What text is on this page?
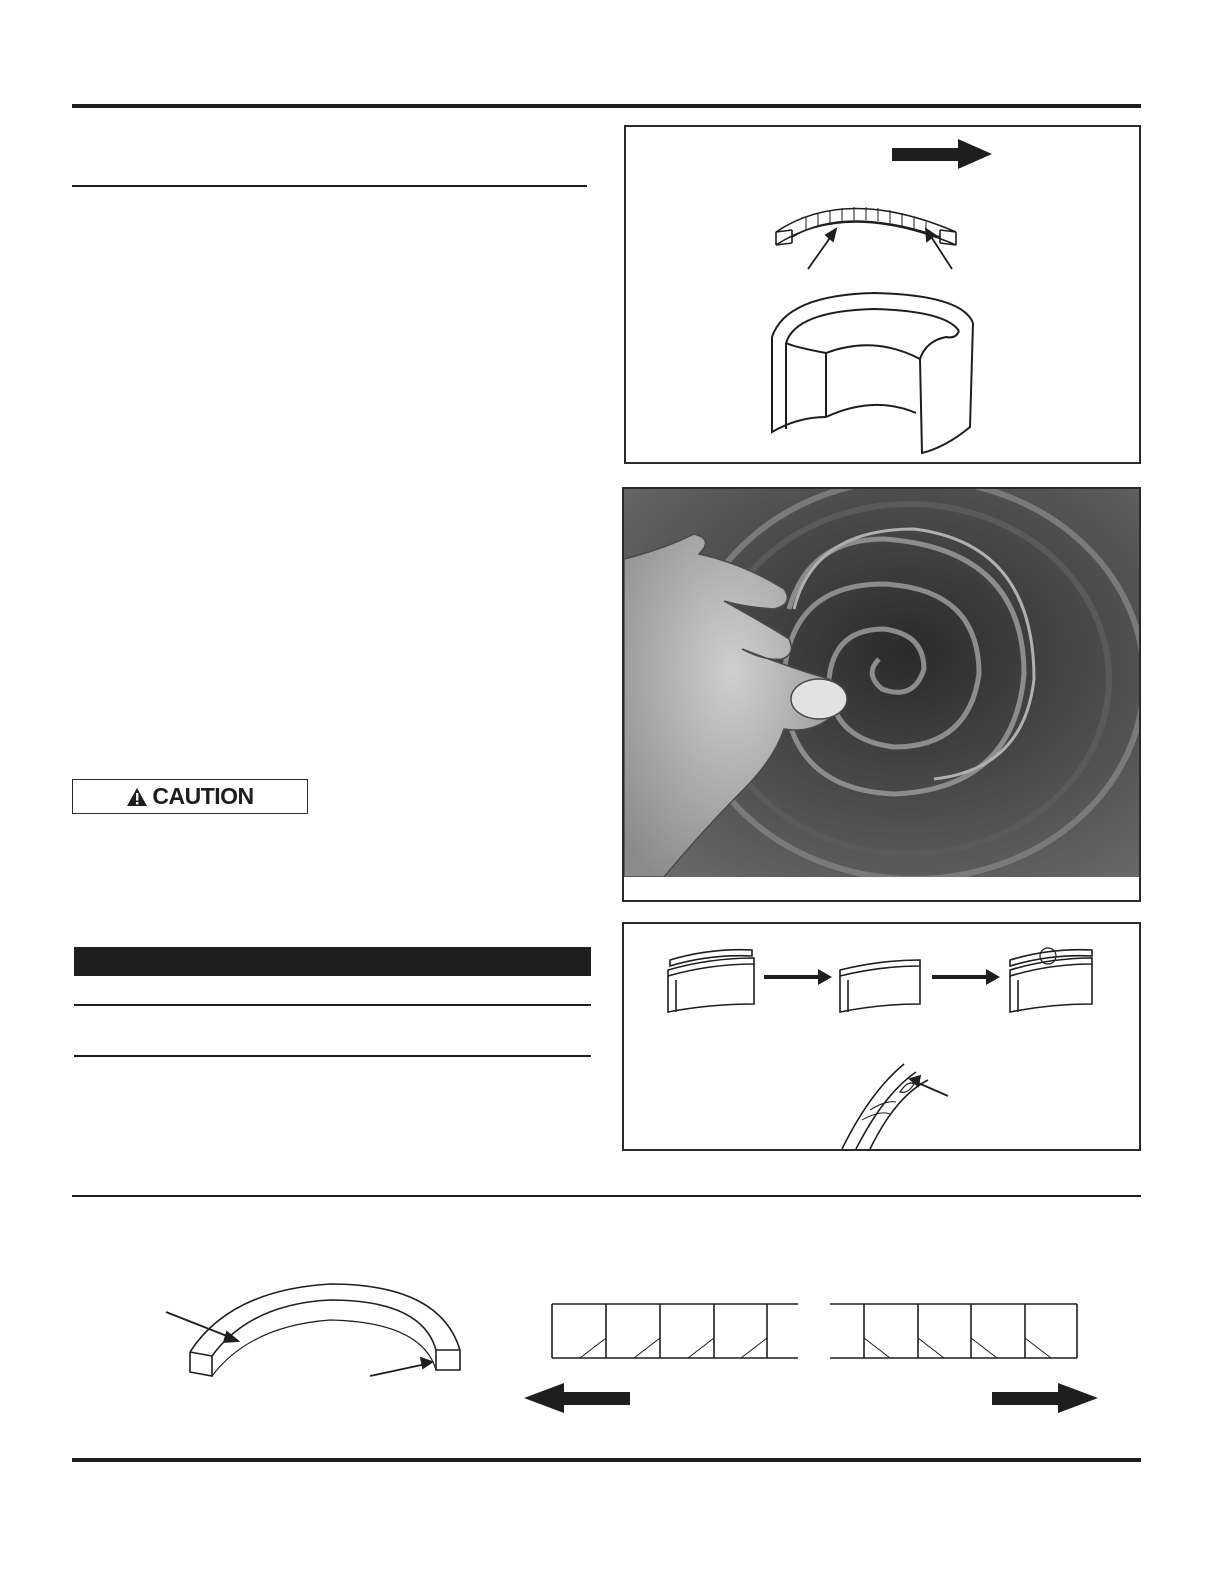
CAUTION
